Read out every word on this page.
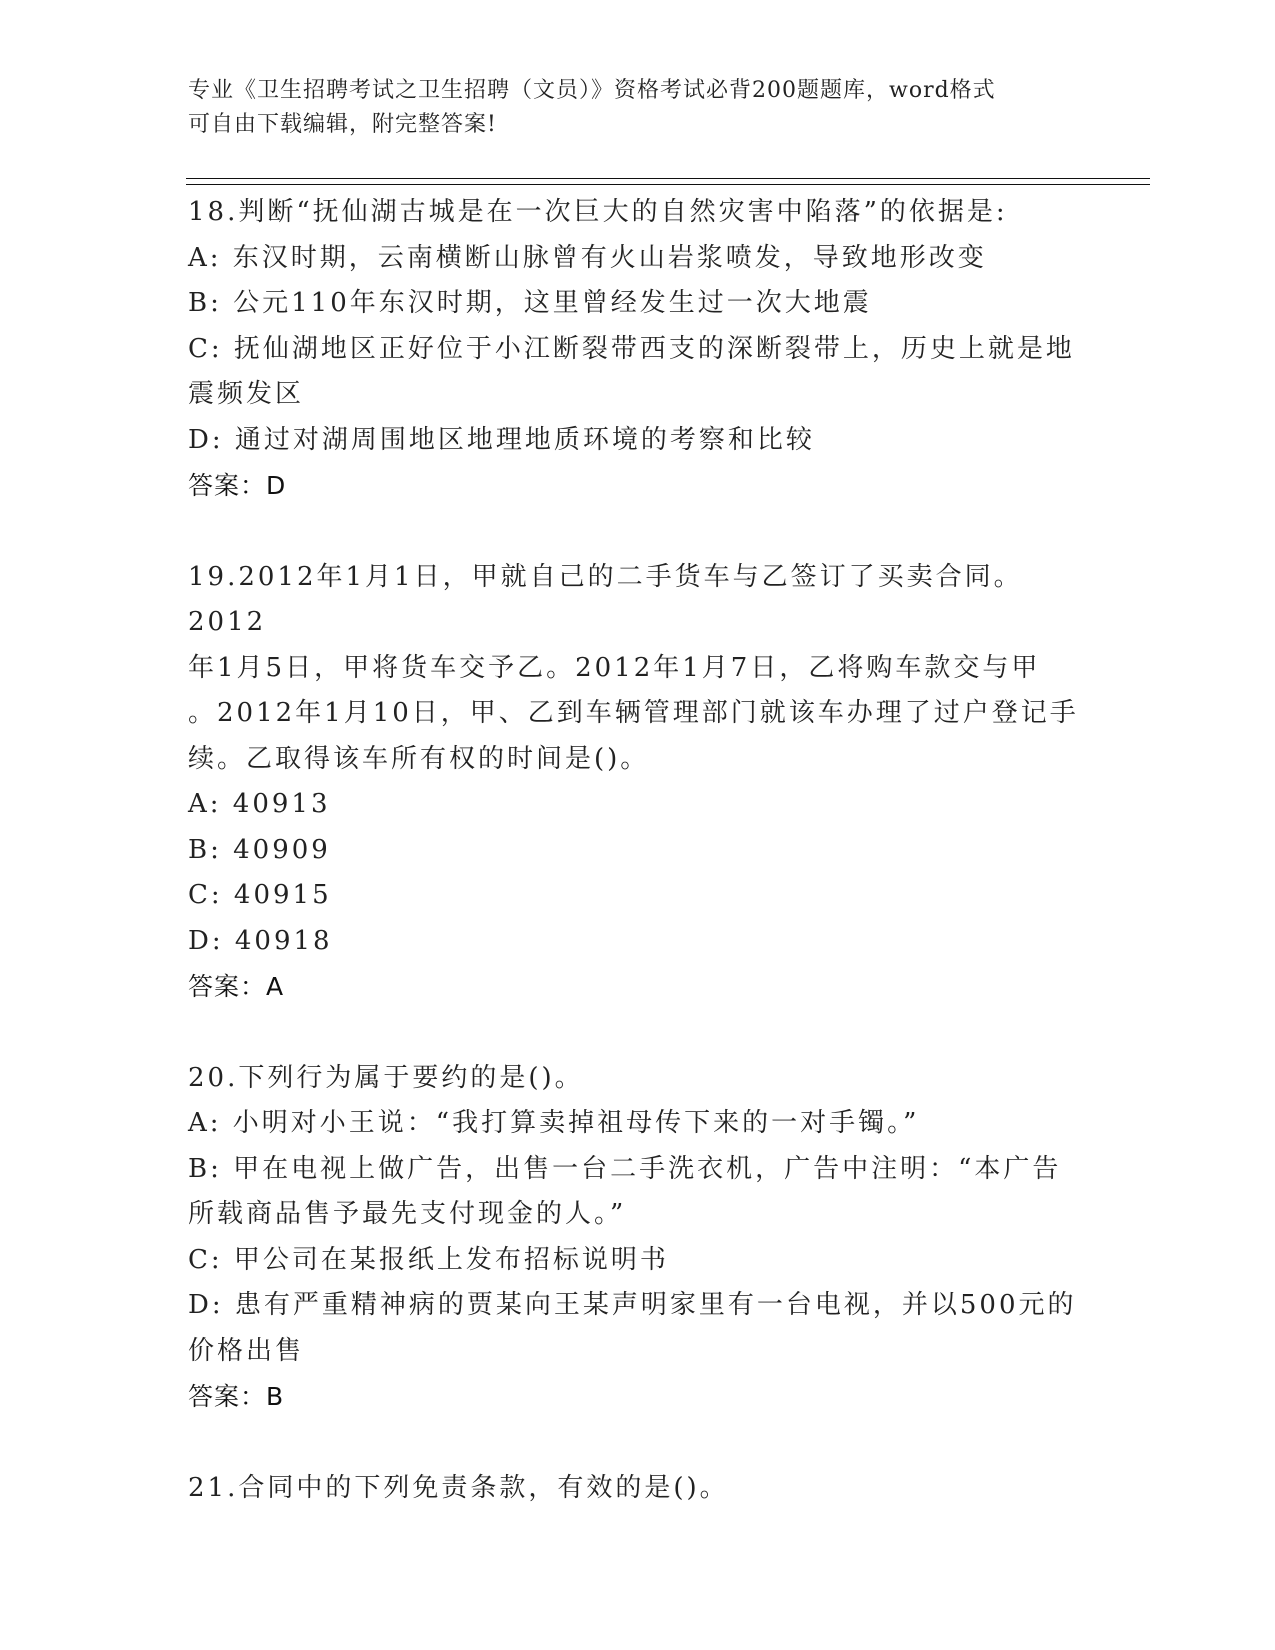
专业《卫生招聘考试之卫生招聘（文员）》资格考试必背200题题库，word格式
可自由下载编辑，附完整答案!
18.判断“抚仙湖古城是在一次巨大的自然灾害中陷落”的依据是:
A: 东汉时期，云南横断山脉曾有火山岩浆喷发，导致地形改变
B: 公元110年东汉时期，这里曾经发生过一次大地震
C: 抚仙湖地区正好位于小江断裂带西支的深断裂带上，历史上就是地
震频发区
D: 通过对湖周围地区地理地质环境的考察和比较
答案：D
19.2012年1月1日，甲就自己的二手货车与乙签订了买卖合同。2012
年1月5日，甲将货车交予乙。2012年1月7日，乙将购车款交与甲
。2012年1月10日，甲、乙到车辆管理部门就该车办理了过户登记手
续。乙取得该车所有权的时间是()。
A: 40913
B: 40909
C: 40915
D: 40918
答案：A
20.下列行为属于要约的是()。
A: 小明对小王说：“我打算卖掉祖母传下来的一对手镯。”
B: 甲在电视上做广告，出售一台二手洗衣机，广告中注明：“本广告
所载商品售予最先支付现金的人。”
C: 甲公司在某报纸上发布招标说明书
D: 患有严重精神病的贾某向王某声明家里有一台电视，并以500元的
价格出售
答案：B
21.合同中的下列免责条款，有效的是()。
